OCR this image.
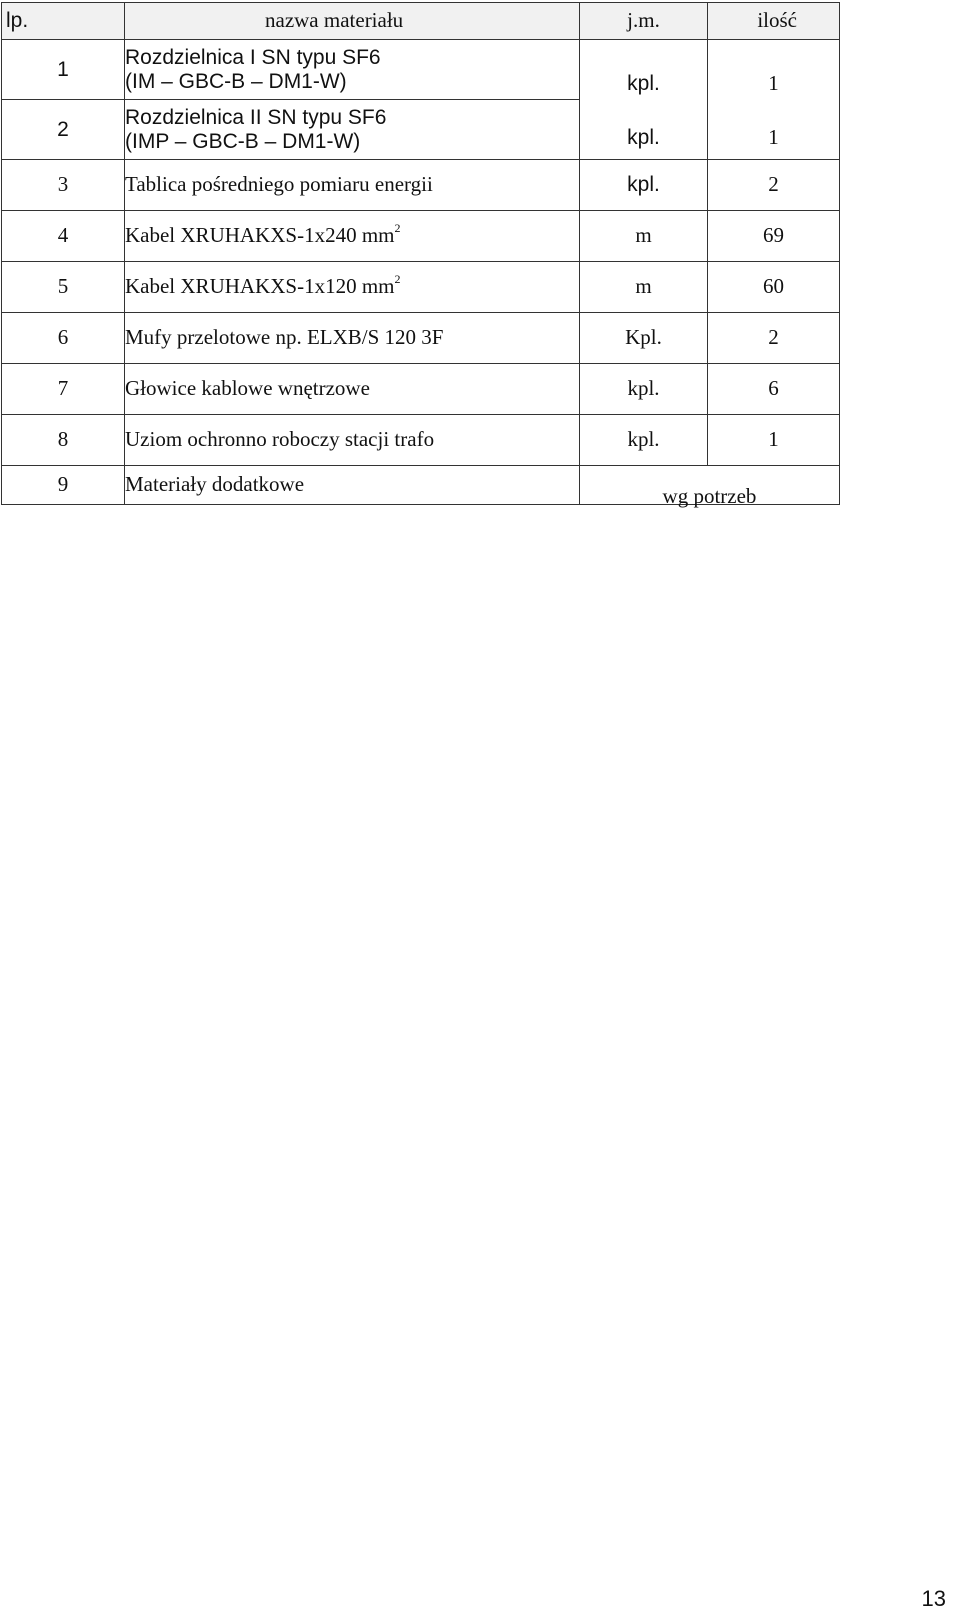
lp.	nazwa materiału	j.m.	ilość
1	Rozdzielnica I SN typu SF6
(IM – GBC-B – DM1-W)	kpl.	1

2	Rozdzielnica II SN typu SF6
(IMP – GBC-B – DM1-W)	kpl.	1

3	Tablica pośredniego pomiaru energii	kpl.	2
4	Kabel XRUHAKXS-1x240 $mm^2$	m	69
5	Kabel XRUHAKXS-1x120 $mm^2$	m	60
6	Mufy przelotowe np. ELXB/S 120 3F	Kpl.	2
7	Głowice kablowe wnętrzowe	kpl.	6
8	Uziom ochronno roboczy stacji trafo	kpl.	1
9	Materiały dodatkowe	wg potrzeb	
13
